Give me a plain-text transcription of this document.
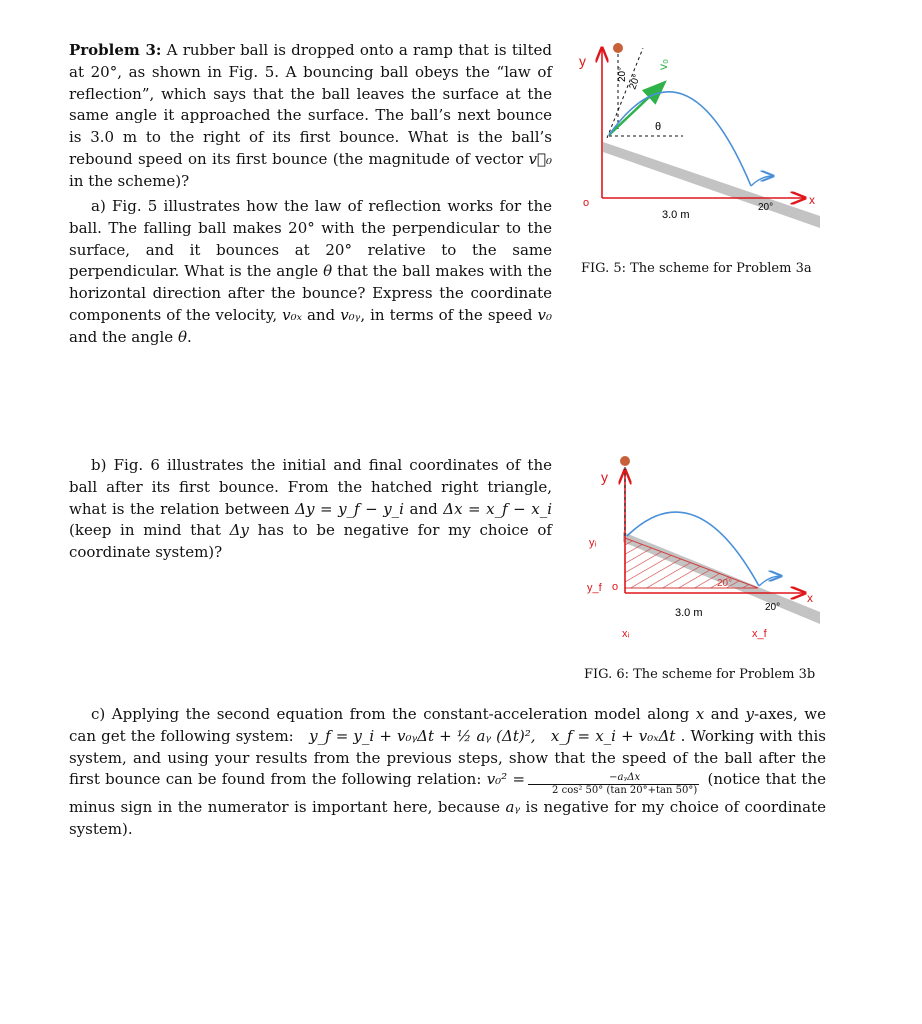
Problem 3: A rubber ball is dropped onto a ramp that is tilted at 20°, as shown in Fig. 5. A bouncing ball obeys the “law of reflection”, which says that the ball leaves the surface at the same angle it approached the surface. The ball’s next bounce is 3.0 m to the right of its first bounce. What is the ball’s rebound speed on its first bounce (the magnitude of vector v⃗₀ in the scheme)?

a) Fig. 5 illustrates how the law of reflection works for the ball. The falling ball makes 20° with the perpendicular to the surface, and it bounces at 20° relative to the same perpendicular. What is the angle θ that the ball makes with the horizontal direction after the bounce? Express the coordinate components of the velocity, v₀ₓ and v₀ᵧ, in terms of the speed v₀ and the angle θ.

b) Fig. 6 illustrates the initial and final coordinates of the ball after its first bounce. From the hatched right triangle, what is the relation between Δy = y_f − y_i and Δx = x_f − x_i (keep in mind that Δy has to be negative for my choice of coordinate system)?

c) Applying the second equation from the constant-acceleration model along x and y-axes, we can get the following system:   y_f = y_i + v₀ᵧΔt + ½ aᵧ (Δt)², x_f = x_i + v₀ₓΔt . Working with this system, and using your results from the previous steps, show that the speed of the ball after the first bounce can be found from the following relation: $v_0^2 = \frac{\text{−aᵧΔx}}{\text{2 cos² 50° (tan 20°+tan 50°)}}$ (notice that the minus sign in the numerator is important here, because aᵧ is negative for my choice of coordinate system).

y
x
o
20° 20°
v₀
θ
20°
3.0 m
FIG. 5: The scheme for Problem 3a
y
x
o
yᵢ
y_f
xᵢ	x_f
20°
20°
3.0 m
FIG. 6: The scheme for Problem 3b
